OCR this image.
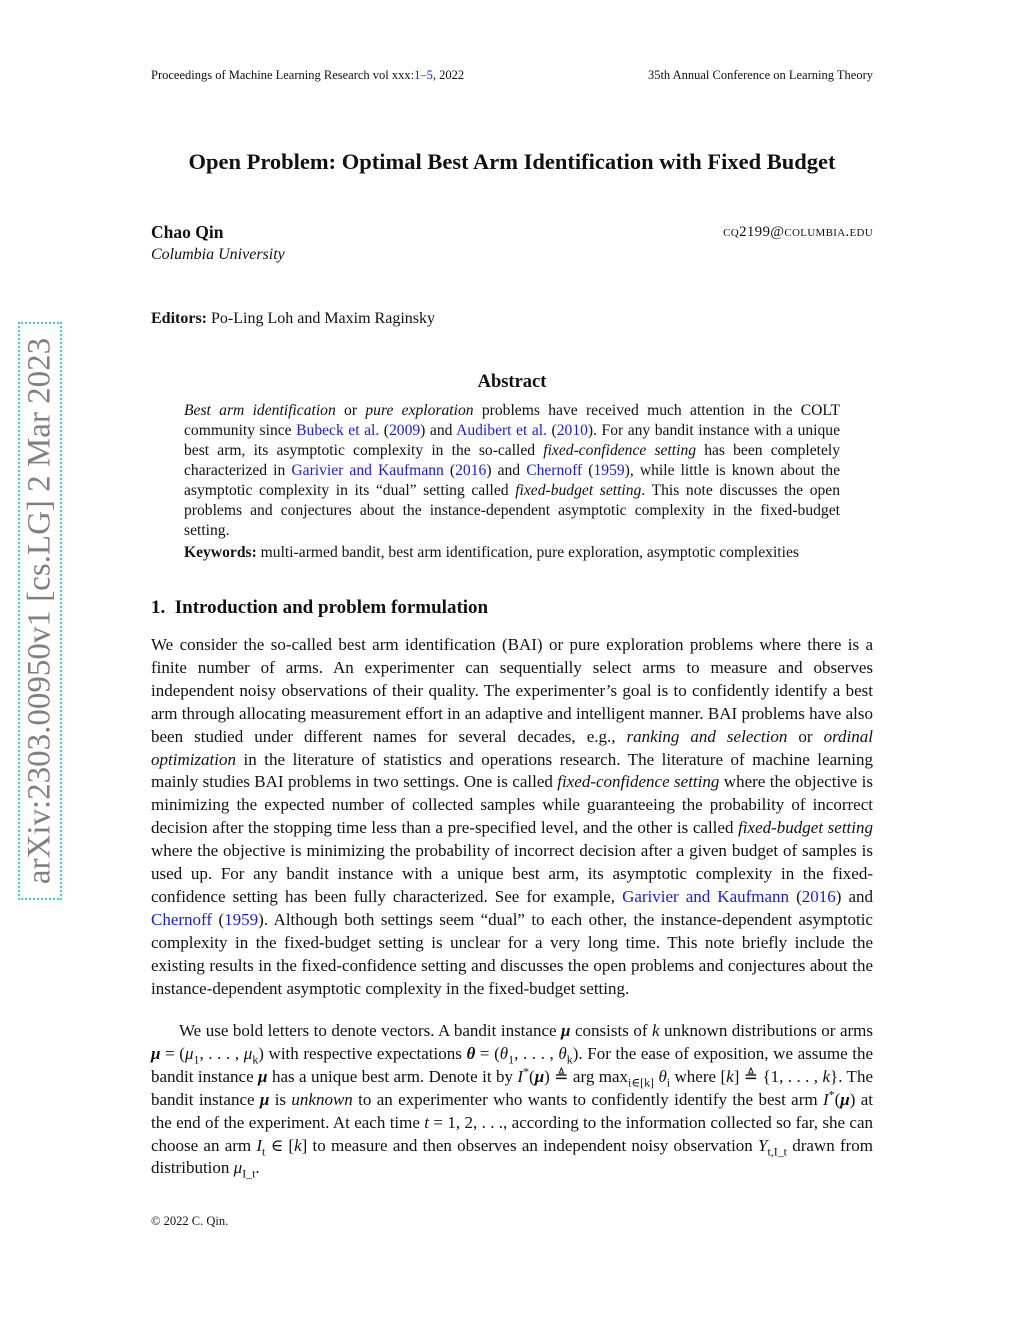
Proceedings of Machine Learning Research vol xxx:1–5, 2022	35th Annual Conference on Learning Theory
arXiv:2303.00950v1 [cs.LG] 2 Mar 2023
Open Problem: Optimal Best Arm Identification with Fixed Budget
Chao Qin	cq2199@columbia.edu
Columbia University
Editors: Po-Ling Loh and Maxim Raginsky
Abstract
Best arm identification or pure exploration problems have received much attention in the COLT community since Bubeck et al. (2009) and Audibert et al. (2010). For any bandit instance with a unique best arm, its asymptotic complexity in the so-called fixed-confidence setting has been completely characterized in Garivier and Kaufmann (2016) and Chernoff (1959), while little is known about the asymptotic complexity in its “dual” setting called fixed-budget setting. This note discusses the open problems and conjectures about the instance-dependent asymptotic complexity in the fixed-budget setting.
Keywords: multi-armed bandit, best arm identification, pure exploration, asymptotic complexities
1. Introduction and problem formulation
We consider the so-called best arm identification (BAI) or pure exploration problems where there is a finite number of arms. An experimenter can sequentially select arms to measure and observes independent noisy observations of their quality. The experimenter’s goal is to confidently identify a best arm through allocating measurement effort in an adaptive and intelligent manner. BAI problems have also been studied under different names for several decades, e.g., ranking and selection or ordinal optimization in the literature of statistics and operations research. The literature of machine learning mainly studies BAI problems in two settings. One is called fixed-confidence setting where the objective is minimizing the expected number of collected samples while guaranteeing the probability of incorrect decision after the stopping time less than a pre-specified level, and the other is called fixed-budget setting where the objective is minimizing the probability of incorrect decision after a given budget of samples is used up. For any bandit instance with a unique best arm, its asymptotic complexity in the fixed-confidence setting has been fully characterized. See for example, Garivier and Kaufmann (2016) and Chernoff (1959). Although both settings seem “dual” to each other, the instance-dependent asymptotic complexity in the fixed-budget setting is unclear for a very long time. This note briefly include the existing results in the fixed-confidence setting and discusses the open problems and conjectures about the instance-dependent asymptotic complexity in the fixed-budget setting.
We use bold letters to denote vectors. A bandit instance μ consists of k unknown distributions or arms $\mu = (\mu_1$, . . . , $\mu_k$) with respective expectations $\theta = (\theta_1$, . . . , $\theta_k$). For the ease of exposition, we assume the bandit instance μ has a unique best arm. Denote it by I*(μ) ≜ arg $\max_{i\in[k]} \theta_i$ where [k] ≜ {1, . . . , k}. The bandit instance μ is unknown to an experimenter who wants to confidently identify the best arm I*(μ) at the end of the experiment. At each time t = 1, 2, . . ., according to the information collected so far, she can choose an arm $I_t$ ∈ [k] to measure and then observes an independent noisy observation $Y_{t,I\_t}$ drawn from distribution $\mu_{I\_t}$.
© 2022 C. Qin.
